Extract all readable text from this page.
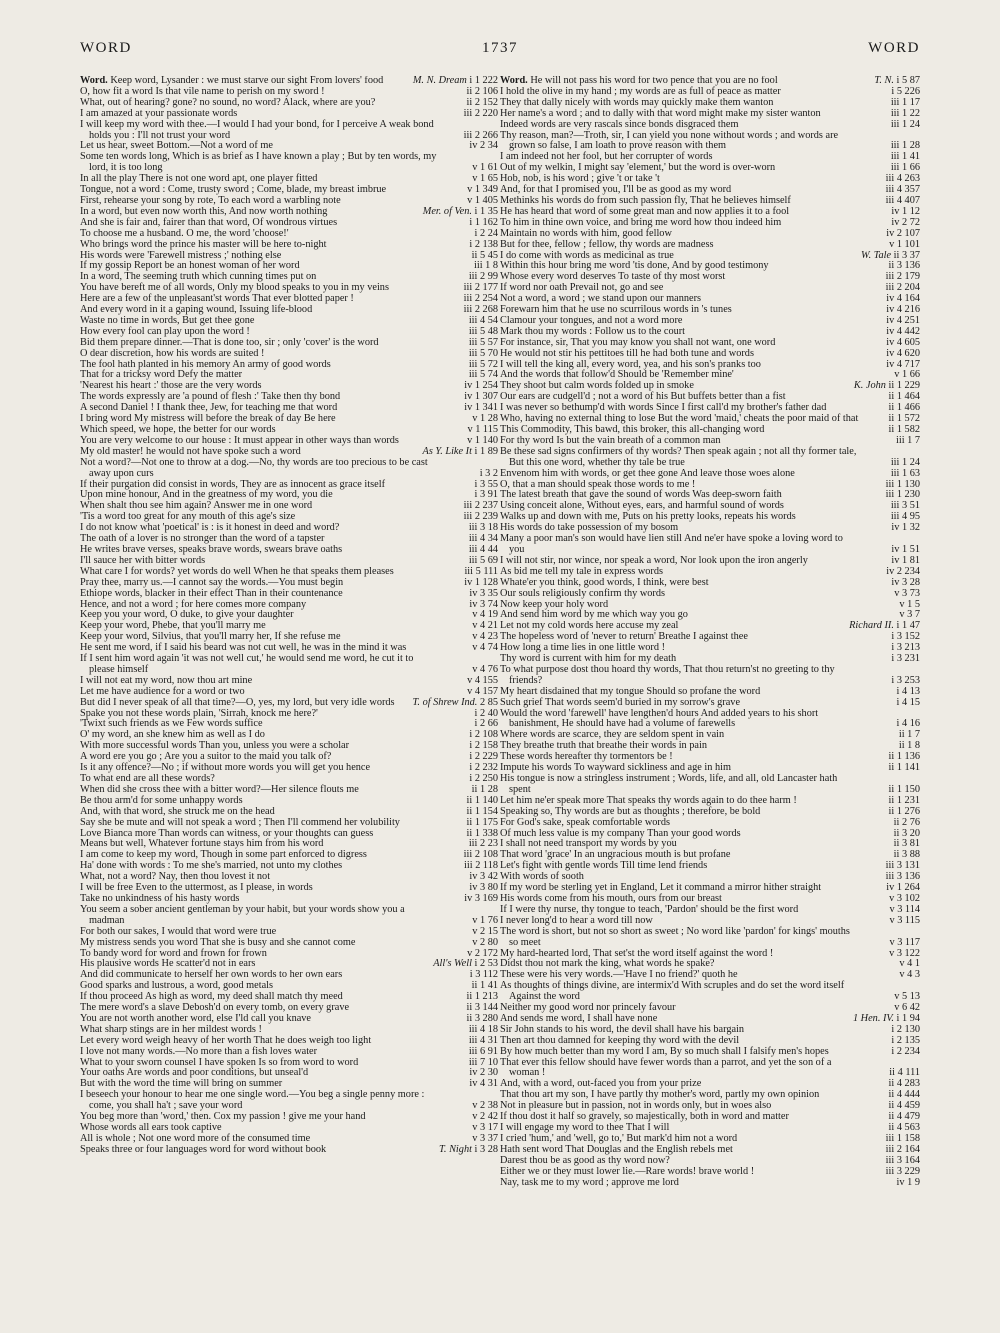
WORD	1737	WORD
Word. Keep word, Lysander : we must starve our sight From lovers' food	M. N. Dream i 1 222
O, how fit a word Is that vile name to perish on my sword !	ii 2 106
What, out of hearing? gone? no sound, no word? Alack, where are you?	ii 2 152
I am amazed at your passionate words	iii 2 220
I will keep my word with thee.—I would I had your bond, for I perceive A weak bond holds you : I'll not trust your word	iii 2 266
Let us hear, sweet Bottom.—Not a word of me	iv 2 34
Some ten words long, Which is as brief as I have known a play ; But by ten words, my lord, it is too long	v 1 61
In all the play There is not one word apt, one player fitted	v 1 65
Tongue, not a word : Come, trusty sword ; Come, blade, my breast imbrue	v 1 349
First, rehearse your song by rote, To each word a warbling note	v 1 405
In a word, but even now worth this, And now worth nothing	Mer. of Ven. i 1 35
And she is fair and, fairer than that word, Of wondrous virtues	i 1 162
To choose me a husband. O me, the word 'choose!'	i 2 24
Who brings word the prince his master will be here to-night	i 2 138
His words were 'Farewell mistress ;' nothing else	ii 5 45
If my gossip Report be an honest woman of her word	iii 1 8
In a word, The seeming truth which cunning times put on	iii 2 99
You have bereft me of all words, Only my blood speaks to you in my veins	iii 2 177
Here are a few of the unpleasant'st words That ever blotted paper !	iii 2 254
And every word in it a gaping wound, Issuing life-blood	iii 2 268
Waste no time in words, But get thee gone	iii 4 54
How every fool can play upon the word !	iii 5 48
Bid them prepare dinner.—That is done too, sir ; only 'cover' is the word	iii 5 57
O dear discretion, how his words are suited !	iii 5 70
The fool hath planted in his memory An army of good words	iii 5 72
That for a tricksy word Defy the matter	iii 5 74
'Nearest his heart :' those are the very words	iv 1 254
The words expressly are 'a pound of flesh :' Take then thy bond	iv 1 307
A second Daniel ! I thank thee, Jew, for teaching me that word	iv 1 341
I bring word My mistress will before the break of day Be here	v 1 28
Which speed, we hope, the better for our words	v 1 115
You are very welcome to our house : It must appear in other ways than words	v 1 140
My old master! he would not have spoke such a word	As Y. Like It i 1 89
Not a word?—Not one to throw at a dog.—No, thy words are too precious to be cast away upon curs	i 3 2
If their purgation did consist in words, They are as innocent as grace itself	i 3 55
Upon mine honour, And in the greatness of my word, you die	i 3 91
When shalt thou see him again? Answer me in one word	iii 2 237
'Tis a word too great for any mouth of this age's size	iii 2 239
I do not know what 'poetical' is : is it honest in deed and word?	iii 3 18
The oath of a lover is no stronger than the word of a tapster	iii 4 34
He writes brave verses, speaks brave words, swears brave oaths	iii 4 44
I'll sauce her with bitter words	iii 5 69
What care I for words? yet words do well When he that speaks them pleases	iii 5 111
Pray thee, marry us.—I cannot say the words.—You must begin	iv 1 128
Ethiope words, blacker in their effect Than in their countenance	iv 3 35
Hence, and not a word ; for here comes more company	iv 3 74
Keep you your word, O duke, to give your daughter	v 4 19
Keep your word, Phebe, that you'll marry me	v 4 21
Keep your word, Silvius, that you'll marry her, If she refuse me	v 4 23
He sent me word, if I said his beard was not cut well, he was in the mind it was	v 4 74
If I sent him word again 'it was not well cut,' he would send me word, he cut it to please himself	v 4 76
I will not eat my word, now thou art mine	v 4 155
Let me have audience for a word or two	v 4 157
But did I never speak of all that time?—O, yes, my lord, but very idle words T. of Shrew Ind. 2 85
Spake you not these words plain, 'Sirrah, knock me here?'	i 2 40
'Twixt such friends as we Few words suffice	i 2 66
O' my word, an she knew him as well as I do	i 2 108
With more successful words Than you, unless you were a scholar	i 2 158
A word ere you go ; Are you a suitor to the maid you talk of?	i 2 229
Is it any offence?—No ; if without more words you will get you hence	i 2 232
To what end are all these words?	i 2 250
When did she cross thee with a bitter word?—Her silence flouts me	ii 1 28
Be thou arm'd for some unhappy words	ii 1 140
And, with that word, she struck me on the head	ii 1 154
Say she be mute and will not speak a word ; Then I'll commend her volubility	ii 1 175
Love Bianca more Than words can witness, or your thoughts can guess	ii 1 338
Means but well, Whatever fortune stays him from his word	iii 2 23
I am come to keep my word, Though in some part enforced to digress	iii 2 108
Ha' done with words : To me she's married, not unto my clothes	iii 2 118
What, not a word? Nay, then thou lovest it not	iv 3 42
I will be free Even to the uttermost, as I please, in words	iv 3 80
Take no unkindness of his hasty words	iv 3 169
You seem a sober ancient gentleman by your habit, but your words show you a madman	v 1 76
For both our sakes, I would that word were true	v 2 15
My mistress sends you word That she is busy and she cannot come	v 2 80
To bandy word for word and frown for frown	v 2 172
His plausive words He scatter'd not in ears	All's Well i 2 53
And did communicate to herself her own words to her own ears	i 3 112
Good sparks and lustrous, a word, good metals	ii 1 41
If thou proceed As high as word, my deed shall match thy meed	ii 1 213
The mere word's a slave Debosh'd on every tomb, on every grave	ii 3 144
You are not worth another word, else I'ld call you knave	ii 3 280
What sharp stings are in her mildest words !	iii 4 18
Let every word weigh heavy of her worth That he does weigh too light	iii 4 31
I love not many words.—No more than a fish loves water	iii 6 91
What to your sworn counsel I have spoken Is so from word to word	iii 7 10
Your oaths Are words and poor conditions, but unseal'd	iv 2 30
But with the word the time will bring on summer	iv 4 31
I beseech your honour to hear me one single word.—You beg a single penny more : come, you shall ha't ; save your word	v 2 38
You beg more than 'word,' then. Cox my passion ! give me your hand	v 2 42
Whose words all ears took captive	v 3 17
All is whole ; Not one word more of the consumed time	v 3 37
Speaks three or four languages word for word without book	T. Night i 3 28
Word. He will not pass his word for two pence that you are no fool	T. N. i 5 87
I hold the olive in my hand ; my words are as full of peace as matter	i 5 226
They that dally nicely with words may quickly make them wanton	iii 1 17
Her name's a word ; and to dally with that word might make my sister wanton	iii 1 22
Indeed words are very rascals since bonds disgraced them	iii 1 24
Thy reason, man?—Troth, sir, I can yield you none without words ; and words are grown so false, I am loath to prove reason with them	iii 1 28
I am indeed not her fool, but her corrupter of words	iii 1 41
Out of my welkin, I might say 'element,' but the word is over-worn	iii 1 66
Hob, nob, is his word ; give 't or take 't	iii 4 263
And, for that I promised you, I'll be as good as my word	iii 4 357
Methinks his words do from such passion fly, That he believes himself	iii 4 407
He has heard that word of some great man and now applies it to a fool	iv 1 12
To him in thine own voice, and bring me word how thou indeed him	iv 2 72
Maintain no words with him, good fellow	iv 2 107
But for thee, fellow ; fellow, thy words are madness	v 1 101
I do come with words as medicinal as true	W. Tale ii 3 37
Within this hour bring me word 'tis done, And by good testimony	ii 3 136
Whose every word deserves To taste of thy most worst	iii 2 179
If word nor oath Prevail not, go and see	iii 2 204
Not a word, a word ; we stand upon our manners	iv 4 164
Forewarn him that he use no scurrilous words in 's tunes	iv 4 216
Clamour your tongues, and not a word more	iv 4 251
Mark thou my words : Follow us to the court	iv 4 442
For instance, sir, That you may know you shall not want, one word	iv 4 605
He would not stir his pettitoes till he had both tune and words	iv 4 620
I will tell the king all, every word, yea, and his son's pranks too	iv 4 717
And the words that follow'd Should be 'Remember mine'	v 1 66
They shoot but calm words folded up in smoke	K. John ii 1 229
Our ears are cudgell'd ; not a word of his But buffets better than a fist	ii 1 464
I was never so bethump'd with words Since I first call'd my brother's father dad	ii 1 466
Who, having no external thing to lose But the word 'maid,' cheats the poor maid of that	ii 1 572
This Commodity, This bawd, this broker, this all-changing word	ii 1 582
For thy word Is but the vain breath of a common man	iii 1 7
Be these sad signs confirmers of thy words? Then speak again ; not all thy former tale, But this one word, whether thy tale be true	iii 1 24
Envenom him with words, or get thee gone And leave those woes alone	iii 1 63
O, that a man should speak those words to me !	iii 1 130
The latest breath that gave the sound of words Was deep-sworn faith	iii 1 230
Using conceit alone, Without eyes, ears, and harmful sound of words	iii 3 51
Walks up and down with me, Puts on his pretty looks, repeats his words	iii 4 95
His words do take possession of my bosom	iv 1 32
Many a poor man's son would have lien still And ne'er have spoke a loving word to you	iv 1 51
I will not stir, nor wince, nor speak a word, Nor look upon the iron angerly	iv 1 81
As bid me tell my tale in express words	iv 2 234
Whate'er you think, good words, I think, were best	iv 3 28
Our souls religiously confirm thy words	v 3 73
Now keep your holy word	v 1 5
And send him word by me which way you go	v 3 7
Let not my cold words here accuse my zeal	Richard II. i 1 47
The hopeless word of 'never to return' Breathe I against thee	i 3 152
How long a time lies in one little word !	i 3 213
Thy word is current with him for my death	i 3 231
To what purpose dost thou hoard thy words, That thou return'st no greeting to thy friends?	i 3 253
My heart disdained that my tongue Should so profane the word	i 4 13
Such grief That words seem'd buried in my sorrow's grave	i 4 15
Would the word 'farewell' have lengthen'd hours And added years to his short banishment, He should have had a volume of farewells	i 4 16
Where words are scarce, they are seldom spent in vain	ii 1 7
They breathe truth that breathe their words in pain	ii 1 8
These words hereafter thy tormentors be !	ii 1 136
Impute his words To wayward sickliness and age in him	ii 1 141
His tongue is now a stringless instrument ; Words, life, and all, old Lancaster hath spent	ii 1 150
Let him ne'er speak more That speaks thy words again to do thee harm !	ii 1 231
Speaking so, Thy words are but as thoughts ; therefore, be bold	ii 1 276
For God's sake, speak comfortable words	ii 2 76
Of much less value is my company Than your good words	ii 3 20
I shall not need transport my words by you	ii 3 81
That word 'grace' In an ungracious mouth is but profane	ii 3 88
Let's fight with gentle words Till time lend friends	iii 3 131
With words of sooth	iii 3 136
If my word be sterling yet in England, Let it command a mirror hither straight	iv 1 264
His words come from his mouth, ours from our breast	v 3 102
If I were thy nurse, thy tongue to teach, 'Pardon' should be the first word	v 3 114
I never long'd to hear a word till now	v 3 115
The word is short, but not so short as sweet ; No word like 'pardon' for kings' mouths so meet	v 3 117
My hard-hearted lord, That set'st the word itself against the word !	v 3 122
Didst thou not mark the king, what words he spake?	v 4 1
These were his very words.—'Have I no friend?' quoth he	v 4 3
As thoughts of things divine, are intermix'd With scruples and do set the word itself Against the word	v 5 13
Neither my good word nor princely favour	v 6 42
And sends me word, I shall have none	1 Hen. IV. i 1 94
Sir John stands to his word, the devil shall have his bargain	i 2 130
Then art thou damned for keeping thy word with the devil	i 2 135
By how much better than my word I am, By so much shall I falsify men's hopes	i 2 234
That ever this fellow should have fewer words than a parrot, and yet the son of a woman !	ii 4 111
And, with a word, out-faced you from your prize	ii 4 283
That thou art my son, I have partly thy mother's word, partly my own opinion	ii 4 444
Not in pleasure but in passion, not in words only, but in woes also	ii 4 459
If thou dost it half so gravely, so majestically, both in word and matter	ii 4 479
I will engage my word to thee That I will	ii 4 563
I cried 'hum,' and 'well, go to,' But mark'd him not a word	iii 1 158
Hath sent word That Douglas and the English rebels met	iii 2 164
Darest thou be as good as thy word now?	iii 3 164
Either we or they must lower lie.—Rare words! brave world !	iii 3 229
Nay, task me to my word ; approve me lord	iv 1 9
